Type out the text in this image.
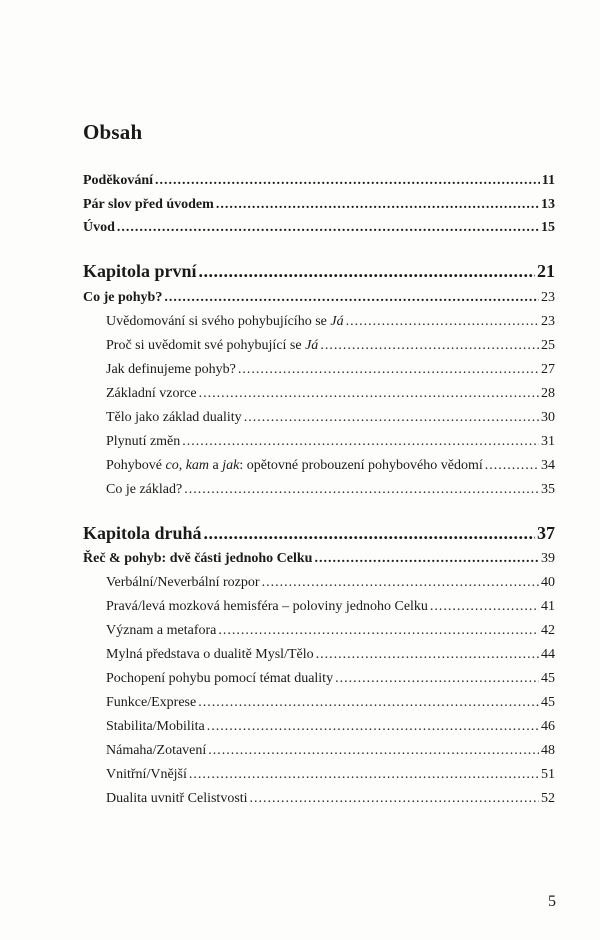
Obsah
Poděkování .....	11
Pár slov před úvodem .....	13
Úvod .....	15
Kapitola první .....	21
Co je pohyb? .....	23
Uvědomování si svého pohybujícího se Já .....	23
Proč si uvědomit své pohybující se Já .....	25
Jak definujeme pohyb? .....	27
Základní vzorce .....	28
Tělo jako základ duality .....	30
Plynutí změn .....	31
Pohybové co, kam a jak: opětovné probouzení pohybového vědomí .....	34
Co je základ? .....	35
Kapitola druhá .....	37
Řeč & pohyb: dvě části jednoho Celku .....	39
Verbální/Neverbální rozpor .....	40
Pravá/levá mozková hemisféra – poloviny jednoho Celku .....	41
Význam a metafora .....	42
Mylná představa o dualitě Mysl/Tělo .....	44
Pochopení pohybu pomocí témat duality .....	45
Funkce/Exprese .....	45
Stabilita/Mobilita .....	46
Námaha/Zotavení .....	48
Vnitřní/Vnější .....	51
Dualita uvnitř Celistvosti .....	52
5
